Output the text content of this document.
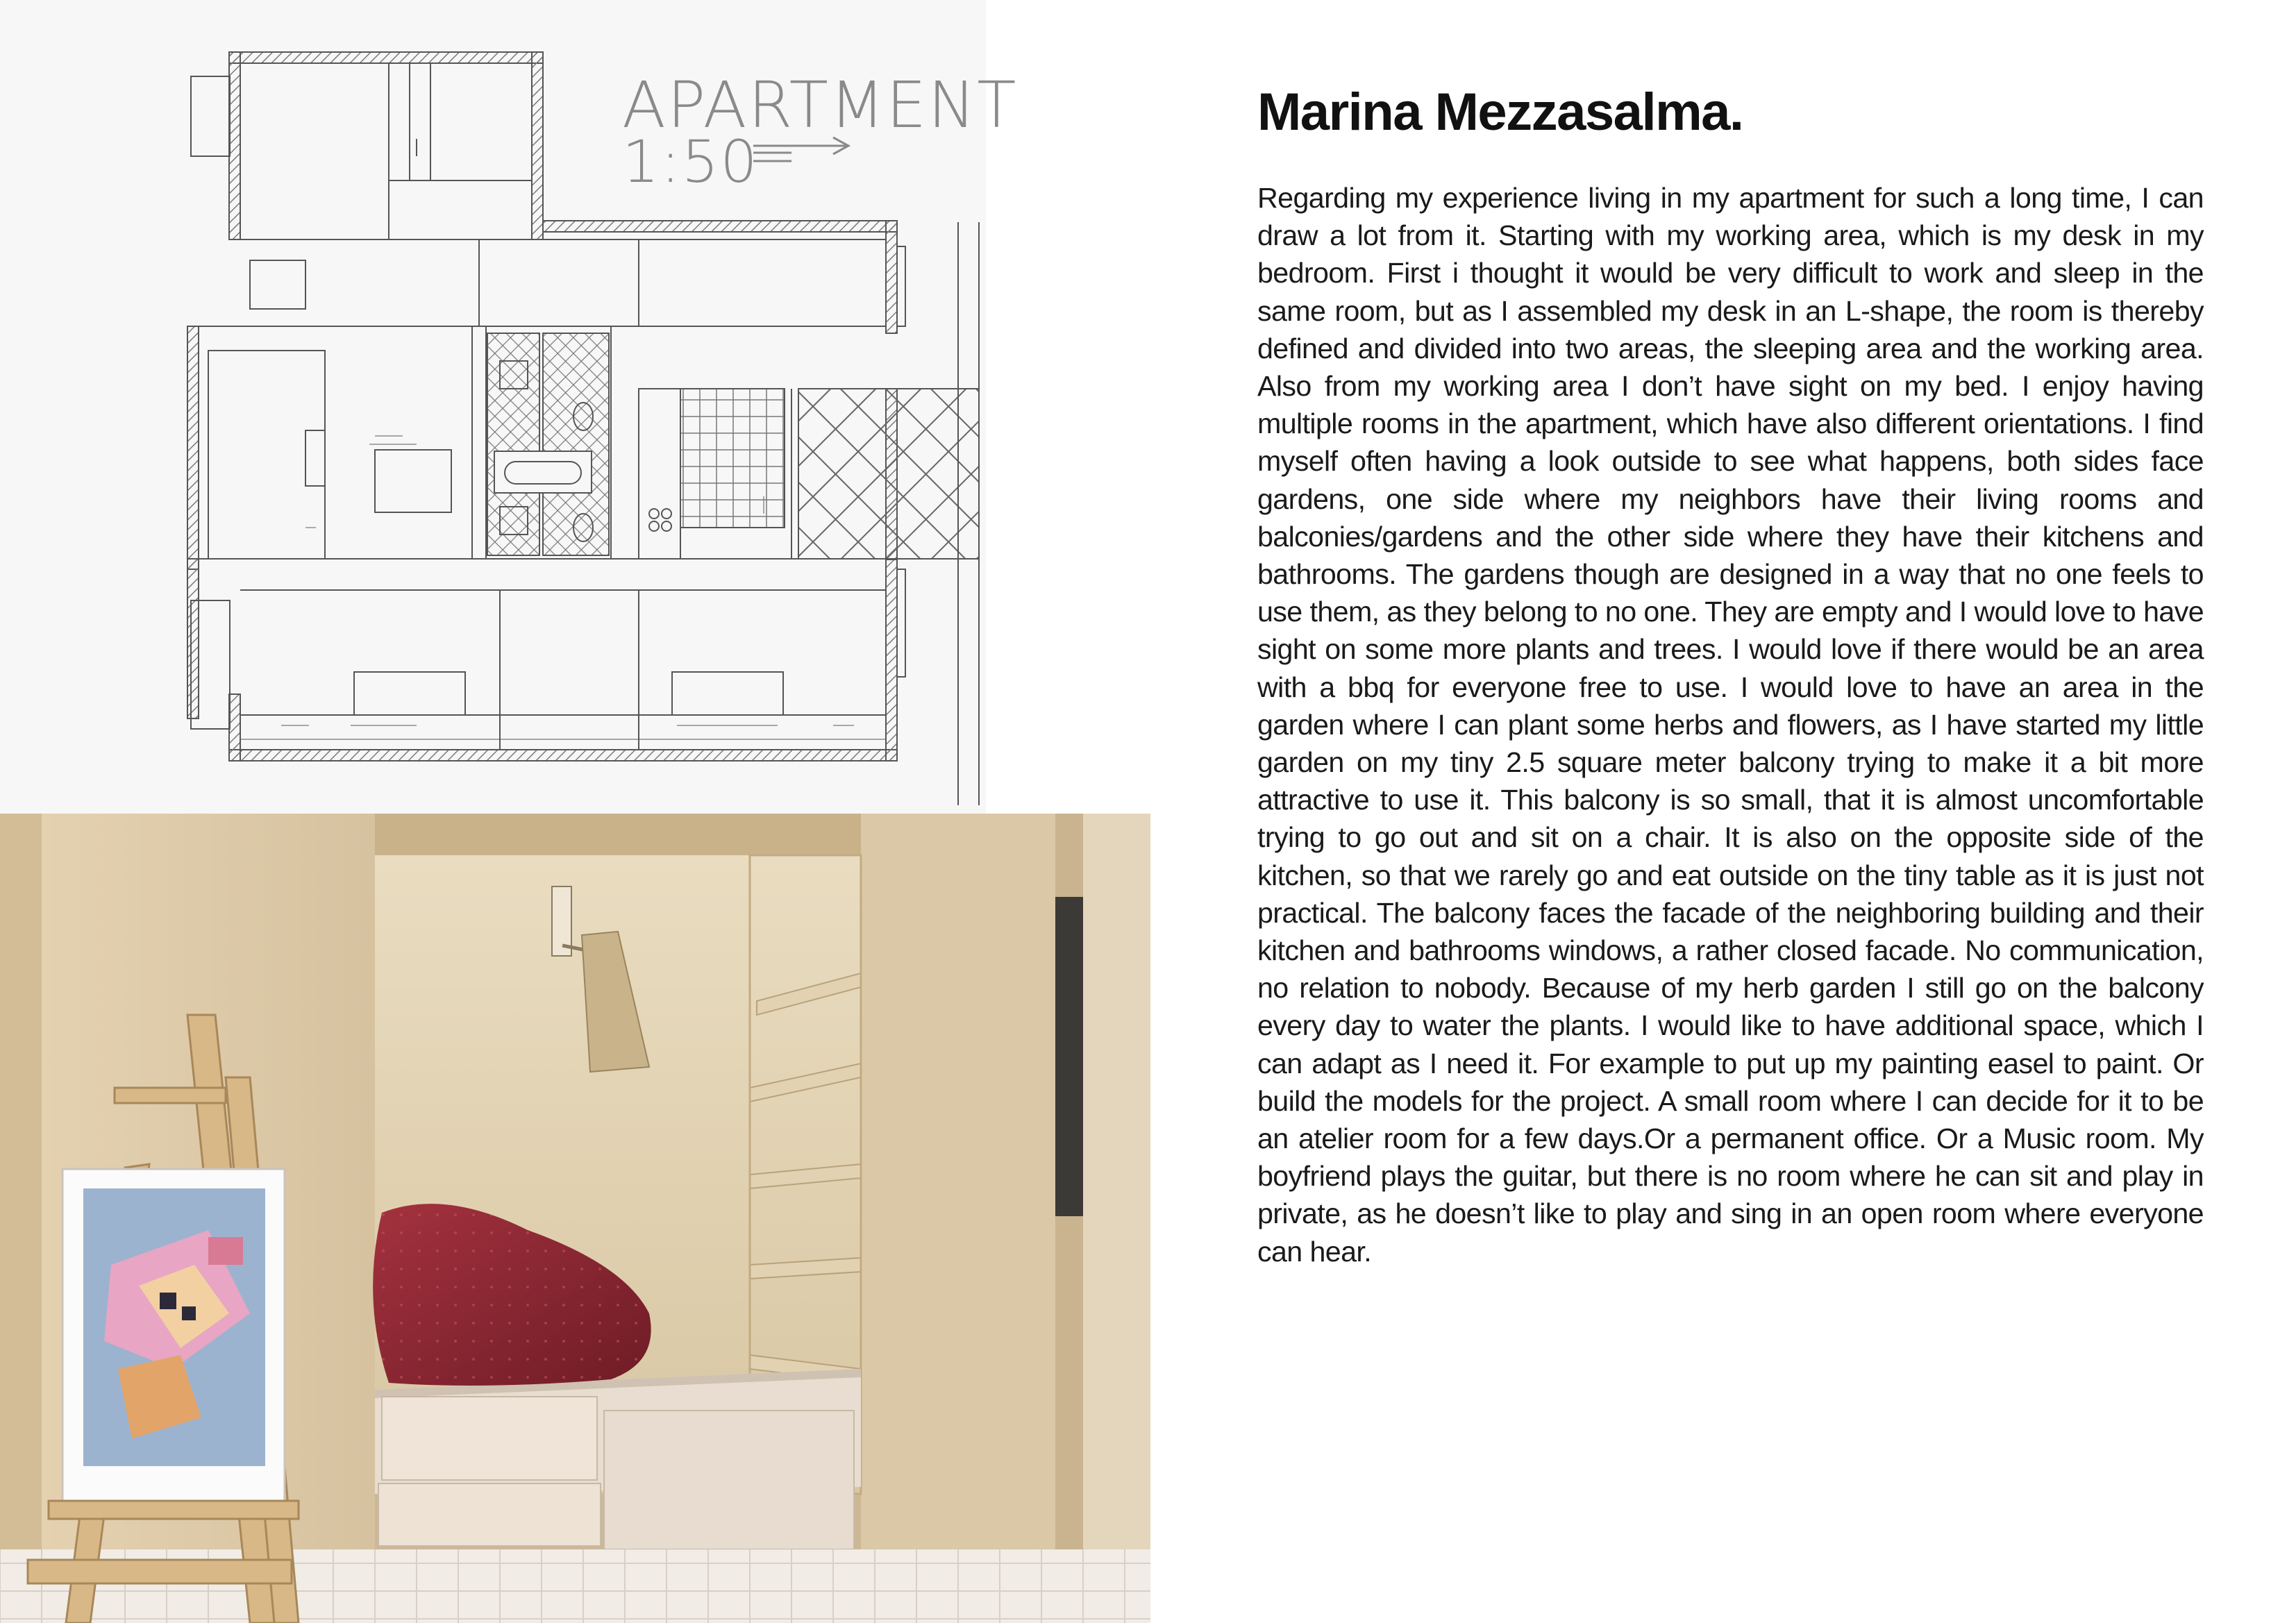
APARTMENT
1:50
Marina Mezzasalma.

Regarding my experience living in my apartment for such a long time, I can draw a lot from it. Starting with my working area, which is my desk in my bedroom. First i thought it would be very difficult to work and sleep in the same room, but as I assembled my desk in an L-shape, the room is thereby defined and divided into two areas, the sleeping area and the working area. Also from my working area I don’t have sight on my bed. I enjoy having multiple rooms in the apartment, which have also different orientations. I find myself often having a look outside to see what happens, both sides face gardens, one side where my neighbors have their living rooms and balconies/gardens and the other side where they have their kitchens and bathrooms. The gardens though are designed in a way that no one feels to use them, as they belong to no one. They are empty and I would love to have sight on some more plants and trees. I would love if there would be an area with a bbq for everyone free to use. I would love to have an area in the garden where I can plant some herbs and flowers, as I have started my little garden on my tiny 2.5 square meter balcony trying to make it a bit more attractive to use it. This balcony is so small, that it is almost uncomfortable trying to go out and sit on a chair. It is also on the opposite side of the kitchen, so that we rarely go and eat outside on the tiny table as it is just not practical. The balcony faces the facade of the neighboring building and their kitchen and bathrooms windows, a rather closed facade. No communication, no relation to nobody. Because of my herb garden I still go on the balcony every day to water the plants. I would like to have additional space, which I can adapt as I need it. For example to put up my painting easel to paint. Or build the models for the project. A small room where I can decide for it to be an atelier room for a few days.Or a permanent office. Or a Music room. My boyfriend plays the guitar, but there is no room where he can sit and play in private, as he doesn’t like to play and sing in an open room where everyone can hear.
